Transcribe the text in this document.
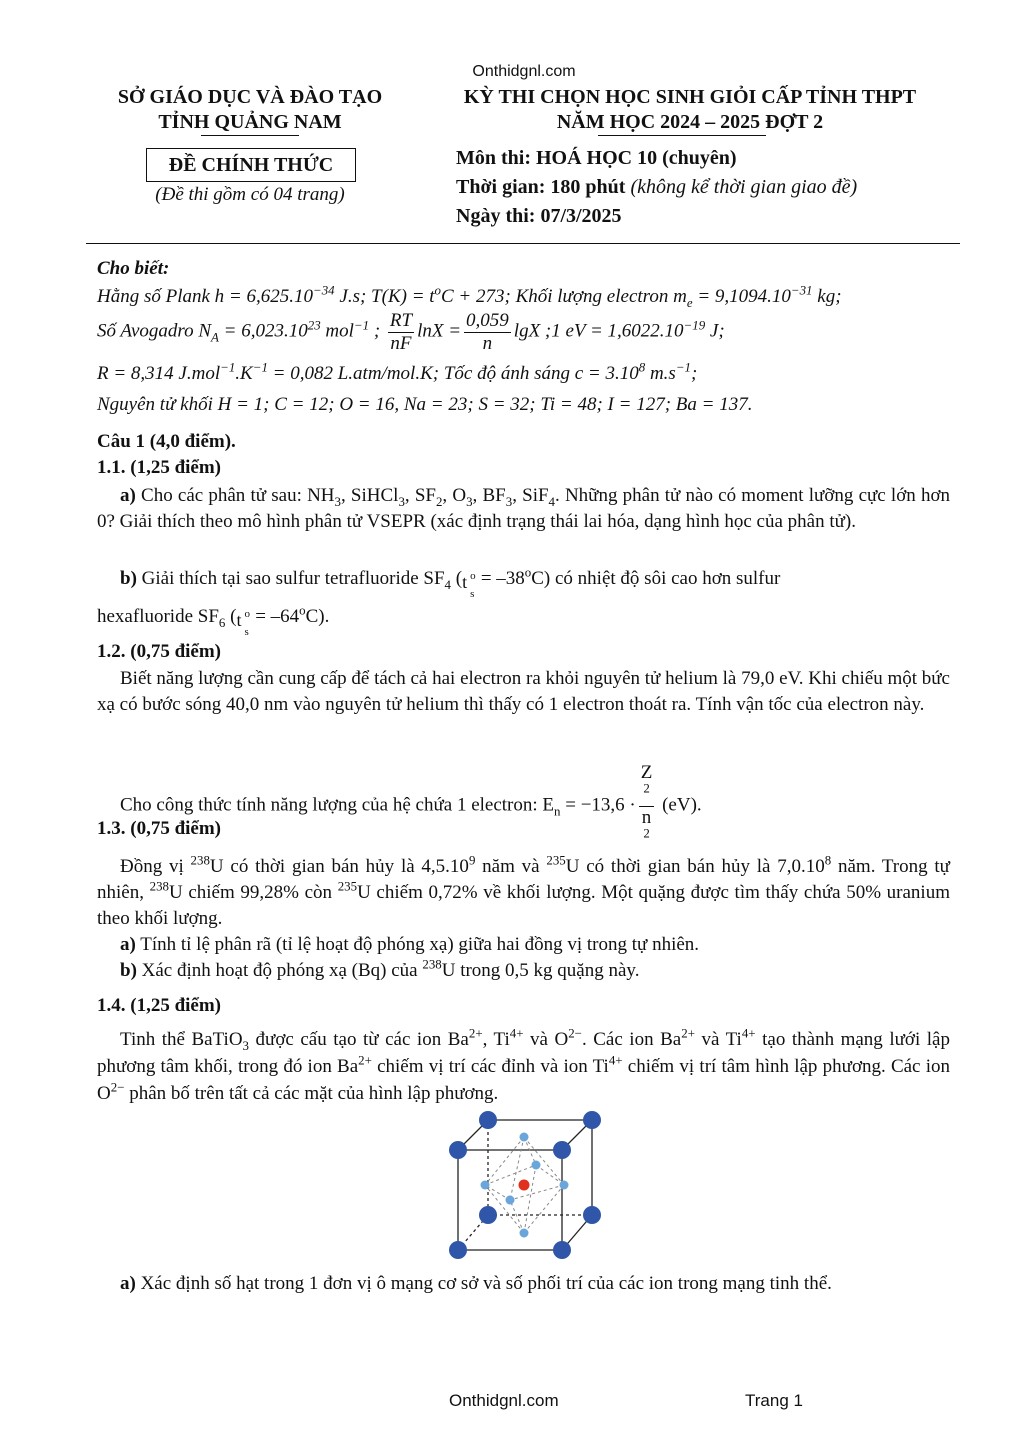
Onthidgnl.com
SỞ GIÁO DỤC VÀ ĐÀO TẠO
TỈNH QUẢNG NAM
ĐỀ CHÍNH THỨC
(Đề thi gồm có 04 trang)
KỲ THI CHỌN HỌC SINH GIỎI CẤP TỈNH THPT
NĂM HỌC 2024 – 2025 ĐỢT 2
Môn thi: HOÁ HỌC 10 (chuyên)
Thời gian: 180 phút (không kể thời gian giao đề)
Ngày thi: 07/3/2025
Cho biết:
Hằng số Plank $h = 6,625.10^{-34}$ J.s; $T(K) = t^oC + 273$; Khối lượng electron $m_e = 9,1094.10^{-31}$ kg;
Số Avogadro $N_A = 6,023.10^{23}$ mol$^{-1}$ ; $\frac{RT}{nF}$ $\ln X = \frac{0,059}{n}$ lgX ;1 eV = $1,6022.10^{-19}$ J;
R = 8,314 $J.mol^{-1}.K^{-1} = 0,082$ L.atm/mol.K; Tốc độ ánh sáng $c = 3.10^8$ $m.s^{-1}$;
Nguyên tử khối H = 1; C = 12; O = 16, Na = 23; S = 32; Ti = 48; I = 127; Ba = 137.
Câu 1 (4,0 điểm).
1.1. (1,25 điểm)
a) Cho các phân tử sau: $NH_3$, SiHCl$_3$, $SF_2$, $O_3$, $BF_3$, SiF$_4$. Những phân tử nào có moment lưỡng cực lớn hơn 0? Giải thích theo mô hình phân tử VSEPR (xác định trạng thái lai hóa, dạng hình học của phân tử).
b) Giải thích tại sao sulfur tetrafluoride $SF_4$ ( t o
s
= $-38^oC$) có nhiệt độ sôi cao hơn sulfur
hexafluoride $SF_6$ ( t o
s
= $-64^oC$).
1.2. (0,75 điểm)
Biết năng lượng cần cung cấp để tách cả hai electron ra khỏi nguyên tử helium là 79,0 eV. Khi chiếu một bức xạ có bước sóng 40,0 nm vào nguyên tử helium thì thấy có 1 electron thoát ra. Tính vận tốc của electron này.
Cho công thức tính năng lượng của hệ chứa 1 electron: $E_n = -13,6 \cdot Z$
$^2$
n
$^2$ (eV).
1.3. (0,75 điểm)
Đồng vị $^{238}$U có thời gian bán hủy là 4,5.10$^9$ năm và $^{235}$U có thời gian bán hủy là 7,0.10$^8$ năm. Trong tự nhiên, $^{238}$U chiếm 99,28% còn $^{235}$U chiếm 0,72% về khối lượng. Một quặng được tìm thấy chứa 50% uranium theo khối lượng.
a) Tính tỉ lệ phân rã (tỉ lệ hoạt độ phóng xạ) giữa hai đồng vị trong tự nhiên.
b) Xác định hoạt độ phóng xạ (Bq) của $^{238}$U trong 0,5 kg quặng này.
1.4. (1,25 điểm)
Tinh thể BaTiO$_3$ được cấu tạo từ các ion $Ba^{2+}$, $Ti^{4+}$ và $O^{2-}$. Các ion $Ba^{2+}$ và $Ti^{4+}$ tạo thành mạng lưới lập phương tâm khối, trong đó ion $Ba^{2+}$ chiếm vị trí các đỉnh và ion $Ti^{4+}$ chiếm vị trí tâm hình lập phương. Các ion $O^{2-}$ phân bố trên tất cả các mặt của hình lập phương.
a) Xác định số hạt trong 1 đơn vị ô mạng cơ sở và số phối trí của các ion trong mạng tinh thể.
Onthidgnl.com	Trang 1
